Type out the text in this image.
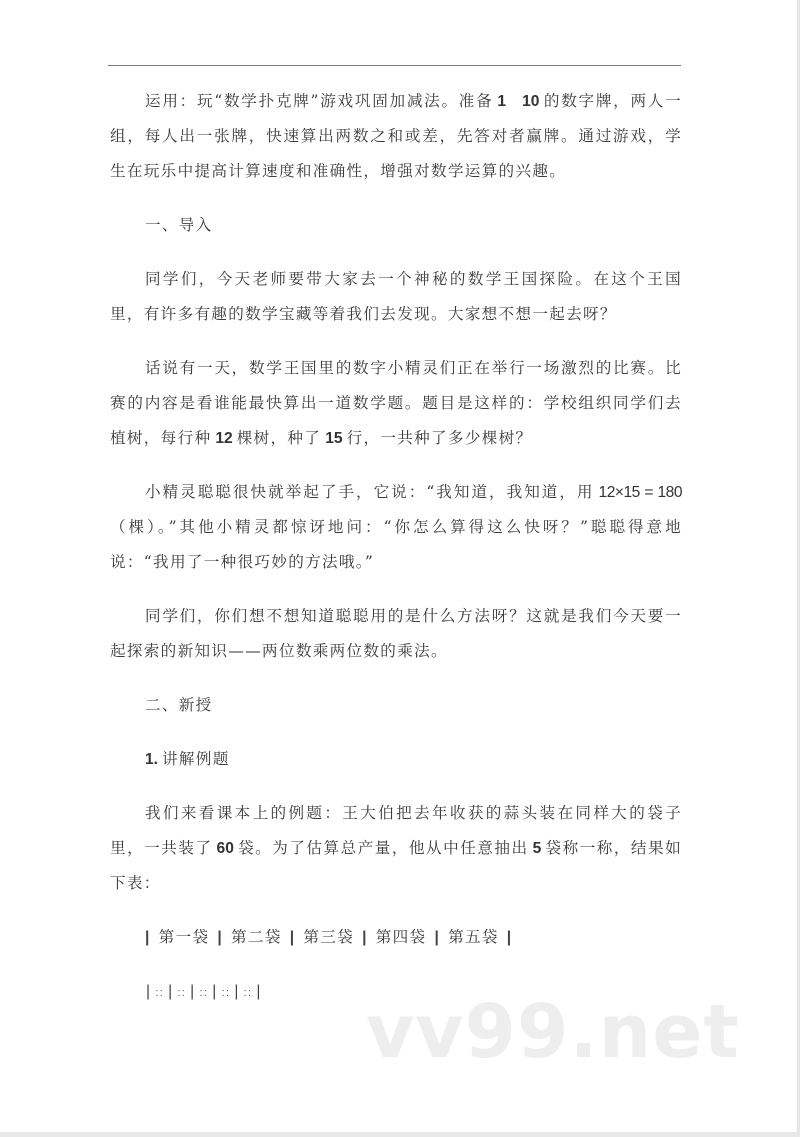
运用：玩“数学扑克牌”游戏巩固加减法。准备 1 10 的数字牌，两人一组，每人出一张牌，快速算出两数之和或差，先答对者赢牌。通过游戏，学生在玩乐中提高计算速度和准确性，增强对数学运算的兴趣。

一、导入

同学们，今天老师要带大家去一个神秘的数学王国探险。在这个王国里，有许多有趣的数学宝藏等着我们去发现。大家想不想一起去呀？

话说有一天，数学王国里的数字小精灵们正在举行一场激烈的比赛。比赛的内容是看谁能最快算出一道数学题。题目是这样的：学校组织同学们去植树，每行种 12 棵树，种了 15 行，一共种了多少棵树？

小精灵聪聪很快就举起了手，它说：“我知道，我知道，用 12×15 = 180（棵）。”其他小精灵都惊讶地问：“你怎么算得这么快呀？”聪聪得意地说：“我用了一种很巧妙的方法哦。”

同学们，你们想不想知道聪聪用的是什么方法呀？这就是我们今天要一起探索的新知识——两位数乘两位数的乘法。

二、新授

1. 讲解例题

我们来看课本上的例题：王大伯把去年收获的蒜头装在同样大的袋子里，一共装了 60 袋。为了估算总产量，他从中任意抽出 5 袋称一称，结果如下表：

| 第一袋 | 第二袋 | 第三袋 | 第四袋 | 第五袋 |

| :: | :: | :: | :: | :: |	vv99.net
